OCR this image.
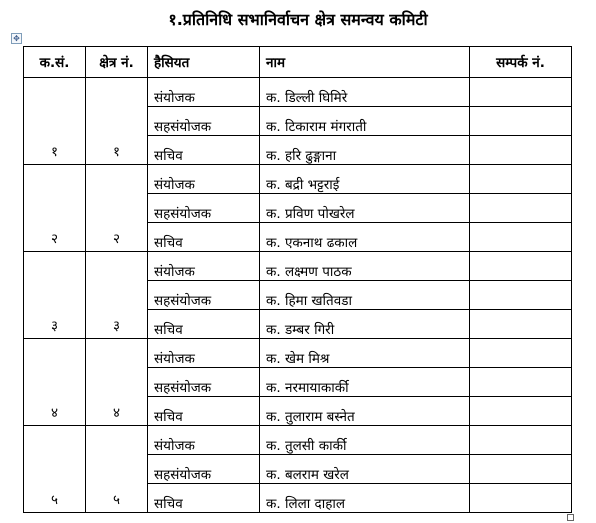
१.प्रतिनिधि सभानिर्वाचन क्षेत्र समन्वय कमिटी
✥
क.सं.	क्षेत्र नं.	हैसियत	नाम	सम्पर्क नं.
१	१	संयोजक	क. डिल्ली घिमिरे	
		सहसंयोजक	क. टिकाराम मंगराती	
		सचिव	क. हरि ढुङ्गाना	
२	२	संयोजक	क. बद्री भट्टराई	
		सहसंयोजक	क. प्रविण पोखरेल	
		सचिव	क. एकनाथ ढकाल	
३	३	संयोजक	क. लक्ष्मण पाठक	
		सहसंयोजक	क. हिमा खतिवडा	
		सचिव	क. डम्बर गिरी	
४	४	संयोजक	क. खेम मिश्र	
		सहसंयोजक	क. नरमायाकार्की	
		सचिव	क. तुलाराम बस्नेत	
५	५	संयोजक	क. तुलसी कार्की	
		सहसंयोजक	क. बलराम खरेल	
		सचिव	क. लिला दाहाल	
